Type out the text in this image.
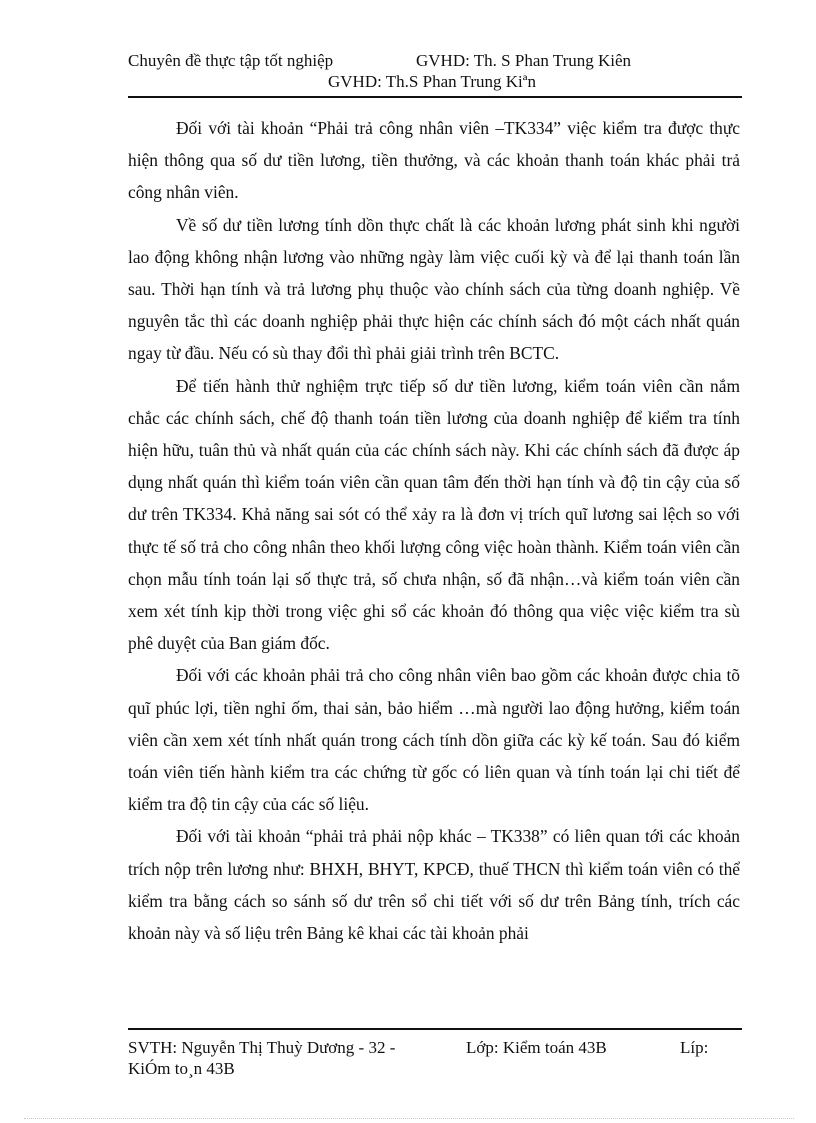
Chuyên đề thực tập tốt nghiệp	GVHD: Th. S Phan Trung Kiên
GVHD: Th.S Phan Trung Kiªn

Đối với tài khoản “Phải trả công nhân viên –TK334” việc kiểm tra được thực hiện thông qua số dư tiền lương, tiền thưởng, và các khoản thanh toán khác phải trả công nhân viên.

Về số dư tiền lương tính dồn thực chất là các khoản lương phát sinh khi người lao động không nhận lương vào những ngày làm việc cuối kỳ và để lại thanh toán lần sau. Thời hạn tính và trả lương phụ thuộc vào chính sách của từng doanh nghiệp. Về nguyên tắc thì các doanh nghiệp phải thực hiện các chính sách đó một cách nhất quán ngay từ đầu. Nếu có sù thay đổi thì phải giải trình trên BCTC.

Để tiến hành thử nghiệm trực tiếp số dư tiền lương, kiểm toán viên cần nắm chắc các chính sách, chế độ thanh toán tiền lương của doanh nghiệp để kiểm tra tính hiện hữu, tuân thủ và nhất quán của các chính sách này. Khi các chính sách đã được áp dụng nhất quán thì kiểm toán viên cần quan tâm đến thời hạn tính và độ tin cậy của số dư trên TK334. Khả năng sai sót có thể xảy ra là đơn vị trích quĩ lương sai lệch so với thực tế số trả cho công nhân theo khối lượng công việc hoàn thành. Kiểm toán viên cần chọn mẫu tính toán lại số thực trả, số chưa nhận, số đã nhận…và kiểm toán viên cần xem xét tính kịp thời trong việc ghi sổ các khoản đó thông qua việc việc kiểm tra sù phê duyệt của Ban giám đốc.

Đối với các khoản phải trả cho công nhân viên bao gồm các khoản được chia tõ quĩ phúc lợi, tiền nghỉ ốm, thai sản, bảo hiểm …mà người lao động hưởng, kiểm toán viên cần xem xét tính nhất quán trong cách tính dồn giữa các kỳ kế toán. Sau đó kiểm toán viên tiến hành kiểm tra các chứng từ gốc có liên quan và tính toán lại chi tiết để kiểm tra độ tin cậy của các số liệu.

Đối với tài khoản “phải trả phải nộp khác – TK338” có liên quan tới các khoản trích nộp trên lương như: BHXH, BHYT, KPCĐ, thuế THCN thì kiểm toán viên có thể kiểm tra bằng cách so sánh số dư trên sổ chi tiết với số dư trên Bảng tính, trích các khoản này và số liệu trên Bảng kê khai các tài khoản phải

SVTH: Nguyễn Thị Thuỳ Dương - 32 -	Lớp: Kiểm toán 43B	Líp:
KiÓm to¸n 43B
